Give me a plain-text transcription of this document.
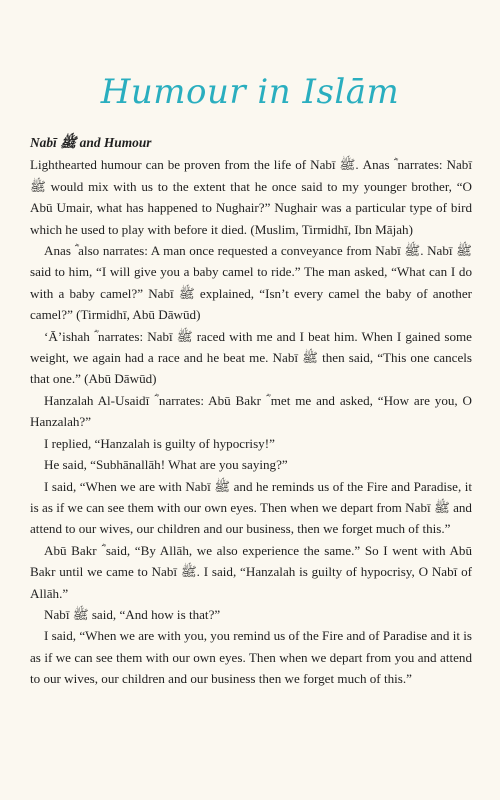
Humour in Islām
Nabī ﷺ and Humour

Lighthearted humour can be proven from the life of Nabī ﷺ. Anas ؓ narrates: Nabī ﷺ would mix with us to the extent that he once said to my younger brother, “O Abū Umair, what has happened to Nughair?” Nughair was a particular type of bird which he used to play with before it died. (Muslim, Tirmidhī, Ibn Mājah)

Anas ؓ also narrates: A man once requested a conveyance from Nabī ﷺ. Nabī ﷺ said to him, “I will give you a baby camel to ride.” The man asked, “What can I do with a baby camel?” Nabī ﷺ explained, “Isn’t every camel the baby of another camel?” (Tirmidhī, Abū Dāwūd)

‘Ā’ishah ؓ narrates: Nabī ﷺ raced with me and I beat him. When I gained some weight, we again had a race and he beat me. Nabī ﷺ then said, “This one cancels that one.” (Abū Dāwūd)

Hanzalah Al-Usaidī ؓ narrates: Abū Bakr ؓ met me and asked, “How are you, O Hanzalah?”

I replied, “Hanzalah is guilty of hypocrisy!”

He said, “Subhānallāh! What are you saying?”

I said, “When we are with Nabī ﷺ and he reminds us of the Fire and Paradise, it is as if we can see them with our own eyes. Then when we depart from Nabī ﷺ and attend to our wives, our children and our business, then we forget much of this.”

Abū Bakr ؓ said, “By Allāh, we also experience the same.” So I went with Abū Bakr until we came to Nabī ﷺ. I said, “Hanzalah is guilty of hypocrisy, O Nabī of Allāh.”

Nabī ﷺ said, “And how is that?”

I said, “When we are with you, you remind us of the Fire and of Paradise and it is as if we can see them with our own eyes. Then when we depart from you and attend to our wives, our children and our business then we forget much of this.”
